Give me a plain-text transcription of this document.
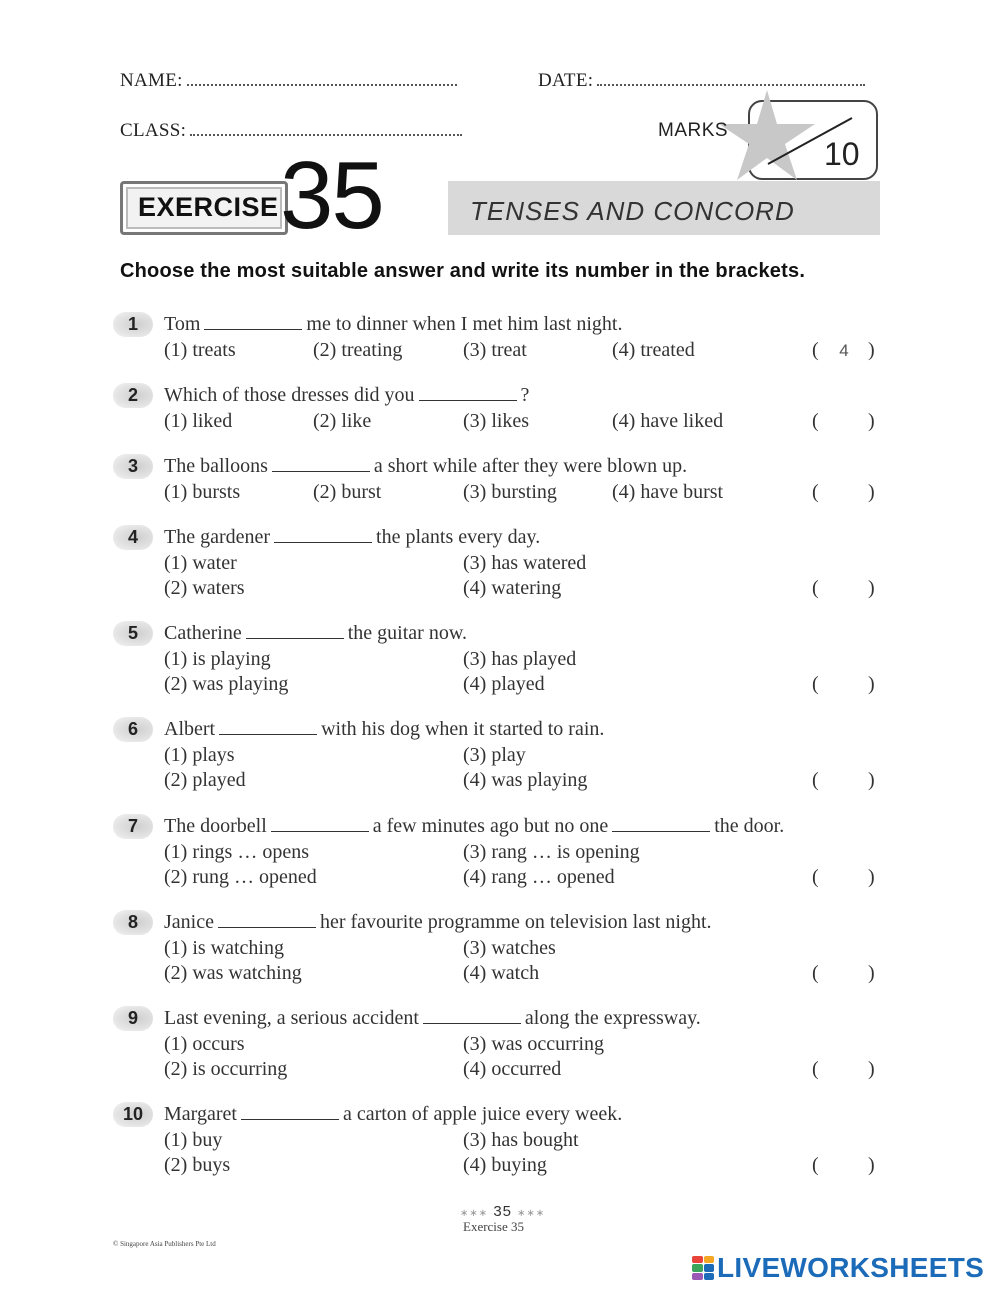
NAME:	DATE:
CLASS:	MARKS
10
EXERCISE 35	TENSES AND CONCORD
Choose the most suitable answer and write its number in the brackets.
1	Tom	me to dinner when I met him last night.
(1) treats	(2) treating	(3) treat	(4) treated	( 4 )
2	Which of those dresses did you	?
(1) liked	(2) like	(3) likes	(4) have liked	( )
3	The balloons	a short while after they were blown up.
(1) bursts	(2) burst	(3) bursting	(4) have burst	( )
4	The gardener	the plants every day.
(1) water
(2) waters
(3) has watered
(4) watering	( )
5	Catherine	the guitar now.
(1) is playing
(2) was playing
(3) has played
(4) played	( )
6	Albert	with his dog when it started to rain.
(1) plays
(2) played
(3) play
(4) was playing	( )
7	The doorbell	a few minutes ago but no one	the door.
(1) rings … opens
(2) rung … opened
(3) rang … is opening
(4) rang … opened	( )
8	Janice	her favourite programme on television last night.
(1) is watching
(2) was watching
(3) watches
(4) watch	( )
9	Last evening, a serious accident	along the expressway.
(1) occurs
(2) is occurring
(3) was occurring
(4) occurred	( )
10	Margaret	a carton of apple juice every week.
(1) buy
(2) buys
(3) has bought
(4) buying	( )
∗∗∗ 35 ∗∗∗
Exercise 35
© Singapore Asia Publishers Pte Ltd
LIVEWORKSHEETS
